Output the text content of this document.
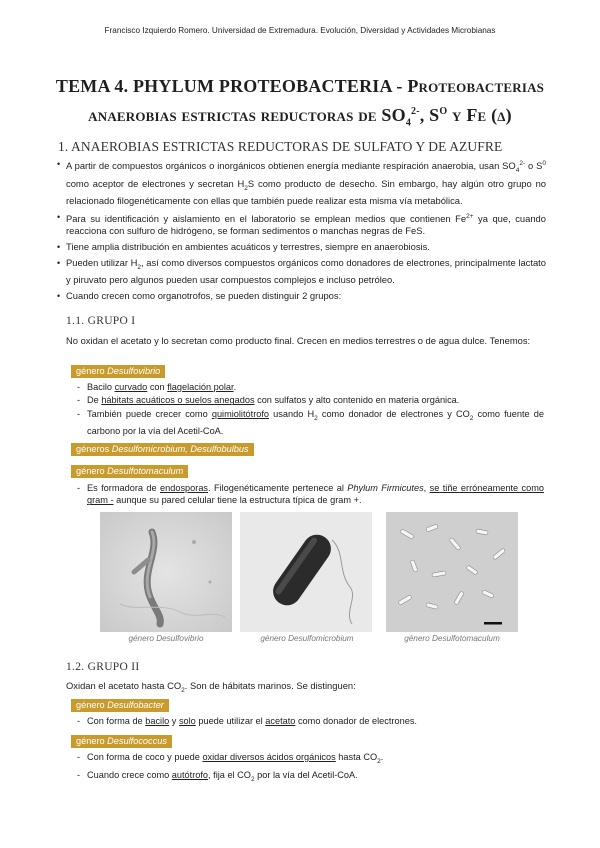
Francisco Izquierdo Romero. Universidad de Extremadura. Evolución, Diversidad y Actividades Microbianas
TEMA 4. PHYLUM PROTEOBACTERIA - Proteobacterias
anaerobias estrictas reductoras de $SO_4^{2-}$, $S^O$ y Fe (δ)
1. ANAEROBIAS ESTRICTAS REDUCTORAS DE SULFATO Y DE AZUFRE
• A partir de compuestos orgánicos o inorgánicos obtienen energía mediante respiración anaerobia, usan $SO_4^{2-}$ o $S^0$ como aceptor de electrones y secretan $H_2S$ como producto de desecho. Sin embargo, hay algún otro grupo no relacionado filogenéticamente con ellas que también puede realizar esta misma vía metabólica.
• Para su identificación y aislamiento en el laboratorio se emplean medios que contienen $Fe^{2+}$ ya que, cuando reacciona con sulfuro de hidrógeno, se forman sedimentos o manchas negras de FeS.
• Tiene amplia distribución en ambientes acuáticos y terrestres, siempre en anaerobiosis.
• Pueden utilizar $H_2$, así como diversos compuestos orgánicos como donadores de electrones, principalmente lactato y piruvato pero algunos pueden usar compuestos complejos e incluso petróleo.
• Cuando crecen como organotrofos, se pueden distinguir 2 grupos:
1.1. GRUPO I
No oxidan el acetato y lo secretan como producto final. Crecen en medios terrestres o de agua dulce. Tenemos:
género Desulfovibrio
- Bacilo curvado con flagelación polar.
- De hábitats acuáticos o suelos anegados con sulfatos y alto contenido en materia orgánica.
- También puede crecer como quimiolitótrofo usando $H_2$ como donador de electrones y $CO_2$ como fuente de carbono por la vía del Acetil-CoA.
géneros Desulfomicrobium, Desulfobulbus
género Desulfotomaculum
- Es formadora de endosporas. Filogenéticamente pertenece al Phylum Firmicutes, se tiñe erróneamente como gram - aunque su pared celular tiene la estructura típica de gram +.
género Desulfovibrio	género Desulfomicrobium	género Desulfotomaculum
1.2. GRUPO II
Oxidan el acetato hasta $CO_2$. Son de hábitats marinos. Se distinguen:
género Desulfobacter
- Con forma de bacilo y solo puede utilizar el acetato como donador de electrones.
género Desulfococcus
- Con forma de coco y puede oxidar diversos ácidos orgánicos hasta $CO_2$.
- Cuando crece como autótrofo, fija el $CO_2$ por la vía del Acetil-CoA.
